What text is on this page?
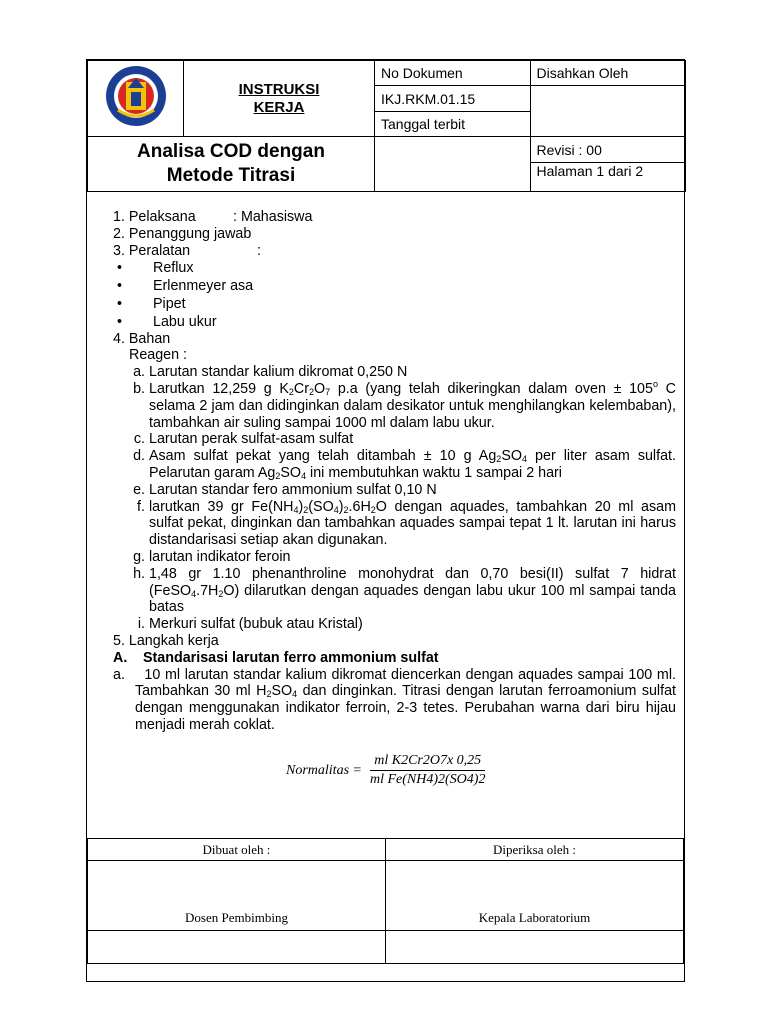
INSTRUKSI
KERJA	No Dokumen	Disahkan Oleh
		IKJ.RKM.01.15	
		Tanggal terbit	

Analisa COD dengan
Metode Titrasi			Revisi : 00
			Halaman 1 dari 2
1. Pelaksana	: Mahasiswa
2. Penanggung jawab
3. Peralatan	:
•	Reflux
•	Erlenmeyer asa
•	Pipet
•	Labu ukur
4. Bahan
Reagen :
a. Larutan standar kalium dikromat 0,250 N
b. Larutkan 12,259 g $K_2Cr_2O_7$ p.a (yang telah dikeringkan dalam oven ± $105^o$ C selama 2 jam dan didinginkan dalam desikator untuk menghilangkan kelembaban), tambahkan air suling sampai 1000 ml dalam labu ukur.
c. Larutan perak sulfat-asam sulfat
d. Asam sulfat pekat yang telah ditambah ± 10 g $Ag_2SO_4$ per liter asam sulfat. Pelarutan garam $Ag_2SO_4$ ini membutuhkan waktu 1 sampai 2 hari
e. Larutan standar fero ammonium sulfat 0,10 N
f. larutkan 39 gr $Fe(NH_4)_2(SO_4)_2.6H_2O$ dengan aquades, tambahkan 20 ml asam sulfat pekat, dinginkan dan tambahkan aquades sampai tepat 1 lt. larutan ini harus distandarisasi setiap akan digunakan.
g. larutan indikator feroin
h. 1,48 gr 1.10 phenanthroline monohydrat dan 0,70 besi(II) sulfat 7 hidrat $(FeSO_4.7H_2O)$ dilarutkan dengan aquades dengan labu ukur 100 ml sampai tanda batas
i. Merkuri sulfat (bubuk atau Kristal)
5. Langkah kerja
A.	Standarisasi larutan ferro ammonium sulfat
a. 10 ml larutan standar kalium dikromat diencerkan dengan aquades sampai 100 ml. Tambahkan 30 ml $H_2SO_4$ dan dinginkan. Titrasi dengan larutan ferroamonium sulfat dengan menggunakan indikator ferroin, 2-3 tetes. Perubahan warna dari biru hijau menjadi merah coklat.
Normalitas = $\frac{\text{ml K2Cr2O7x 0,25}}{\text{ml Fe(NH4)2(SO4)2}}$
Dibuat oleh :	Diperiksa oleh :
Dosen Pembimbing	Kepala Laboratorium
